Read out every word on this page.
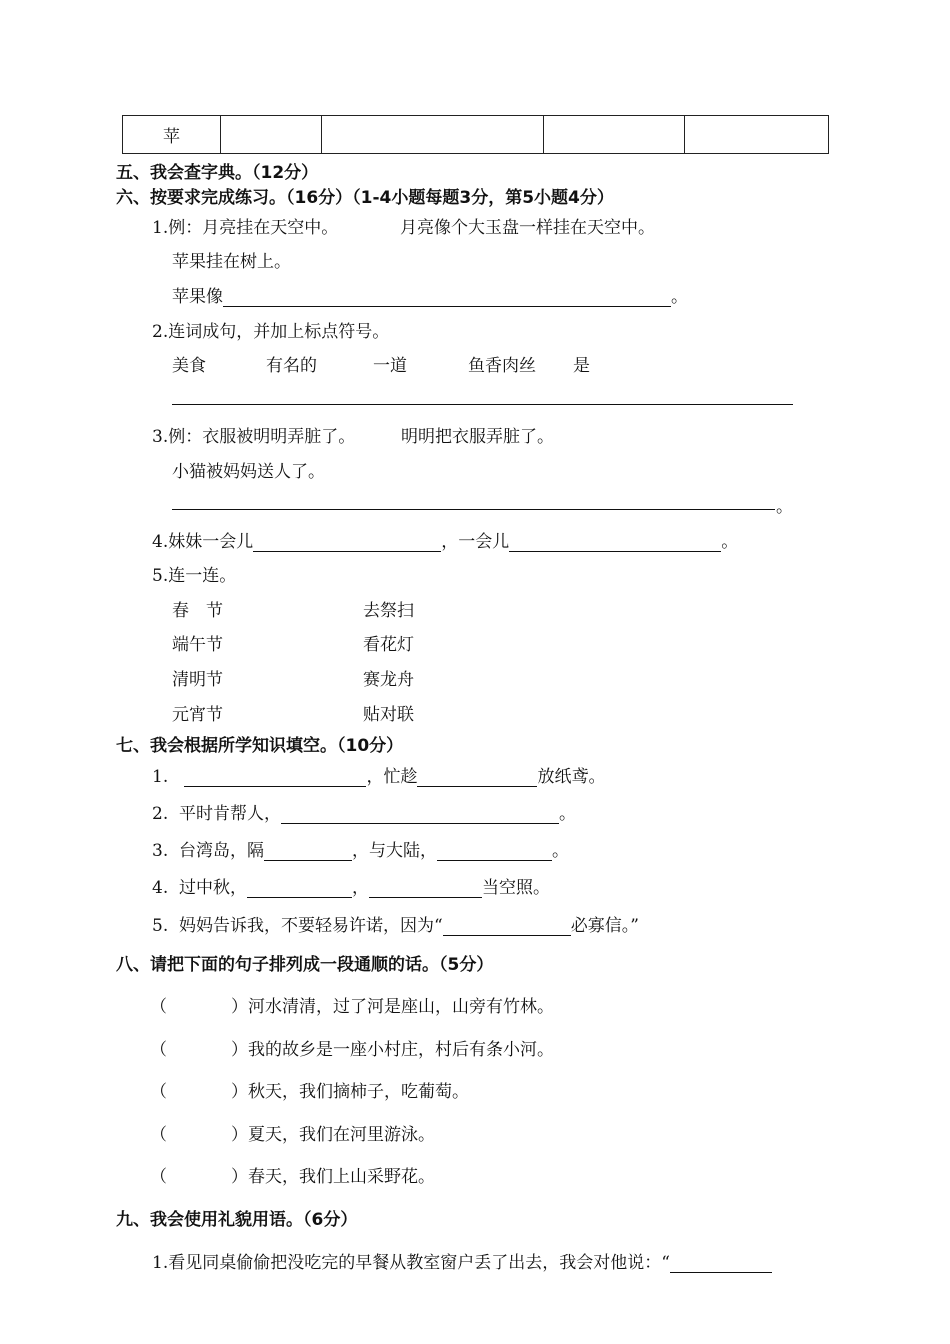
苹				
五、我会查字典。（12分）
六、按要求完成练习。（16分）（1-4小题每题3分，第5小题4分）
1.例：月亮挂在天空中。	月亮像个大玉盘一样挂在天空中。
苹果挂在树上。
苹果像	。
2.连词成句，并加上标点符号。
美食	有名的	一道	鱼香肉丝 是
3.例：衣服被明明弄脏了。	明明把衣服弄脏了。
小猫被妈妈送人了。
。
4.妹妹一会儿	，一会儿	。
5.连一连。
春　节
端午节
清明节
元宵节
去祭扫
看花灯
赛龙舟
贴对联
七、我会根据所学知识填空。（10分）
1.	，忙趁	放纸鸢。
2. 平时肯帮人，	。
3. 台湾岛，隔	，与大陆，	。
4. 过中秋，	，	当空照。
5. 妈妈告诉我，不要轻易许诺，因为“	必寡信。”
八、请把下面的句子排列成一段通顺的话。（5分）
（	）河水清清，过了河是座山，山旁有竹林。
（	）我的故乡是一座小村庄，村后有条小河。
（	）秋天，我们摘柿子，吃葡萄。
（	）夏天，我们在河里游泳。
（	）春天，我们上山采野花。
九、我会使用礼貌用语。（6分）
1.看见同桌偷偷把没吃完的早餐从教室窗户丢了出去，我会对他说：“
